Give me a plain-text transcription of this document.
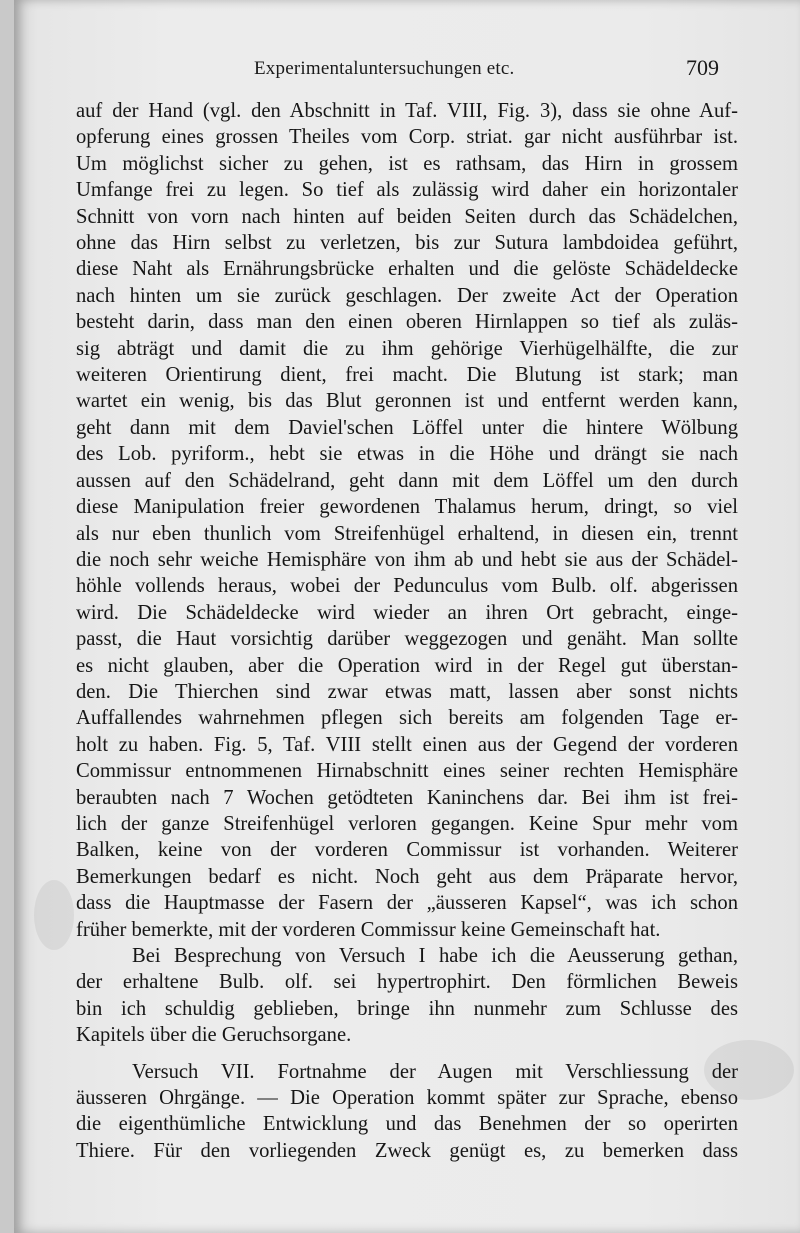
Experimentaluntersuchungen etc.	709
auf der Hand (vgl. den Abschnitt in Taf. VIII, Fig. 3), dass sie ohne Auf-
opferung eines grossen Theiles vom Corp. striat. gar nicht ausführbar ist.
Um möglichst sicher zu gehen, ist es rathsam, das Hirn in grossem
Umfange frei zu legen. So tief als zulässig wird daher ein horizontaler
Schnitt von vorn nach hinten auf beiden Seiten durch das Schädelchen,
ohne das Hirn selbst zu verletzen, bis zur Sutura lambdoidea geführt,
diese Naht als Ernährungsbrücke erhalten und die gelöste Schädeldecke
nach hinten um sie zurück geschlagen. Der zweite Act der Operation
besteht darin, dass man den einen oberen Hirnlappen so tief als zuläs-
sig abträgt und damit die zu ihm gehörige Vierhügelhälfte, die zur
weiteren Orientirung dient, frei macht. Die Blutung ist stark; man
wartet ein wenig, bis das Blut geronnen ist und entfernt werden kann,
geht dann mit dem Daviel'schen Löffel unter die hintere Wölbung
des Lob. pyriform., hebt sie etwas in die Höhe und drängt sie nach
aussen auf den Schädelrand, geht dann mit dem Löffel um den durch
diese Manipulation freier gewordenen Thalamus herum, dringt, so viel
als nur eben thunlich vom Streifenhügel erhaltend, in diesen ein, trennt
die noch sehr weiche Hemisphäre von ihm ab und hebt sie aus der Schädel-
höhle vollends heraus, wobei der Pedunculus vom Bulb. olf. abgerissen
wird. Die Schädeldecke wird wieder an ihren Ort gebracht, einge-
passt, die Haut vorsichtig darüber weggezogen und genäht. Man sollte
es nicht glauben, aber die Operation wird in der Regel gut überstan-
den. Die Thierchen sind zwar etwas matt, lassen aber sonst nichts
Auffallendes wahrnehmen pflegen sich bereits am folgenden Tage er-
holt zu haben. Fig. 5, Taf. VIII stellt einen aus der Gegend der vorderen
Commissur entnommenen Hirnabschnitt eines seiner rechten Hemisphäre
beraubten nach 7 Wochen getödteten Kaninchens dar. Bei ihm ist frei-
lich der ganze Streifenhügel verloren gegangen. Keine Spur mehr vom
Balken, keine von der vorderen Commissur ist vorhanden. Weiterer
Bemerkungen bedarf es nicht. Noch geht aus dem Präparate hervor,
dass die Hauptmasse der Fasern der „äusseren Kapsel“, was ich schon
früher bemerkte, mit der vorderen Commissur keine Gemeinschaft hat.
Bei Besprechung von Versuch I habe ich die Aeusserung gethan,
der erhaltene Bulb. olf. sei hypertrophirt. Den förmlichen Beweis
bin ich schuldig geblieben, bringe ihn nunmehr zum Schlusse des
Kapitels über die Geruchsorgane.
Versuch VII. Fortnahme der Augen mit Verschliessung der
äusseren Ohrgänge. — Die Operation kommt später zur Sprache, ebenso
die eigenthümliche Entwicklung und das Benehmen der so operirten
Thiere. Für den vorliegenden Zweck genügt es, zu bemerken dass
